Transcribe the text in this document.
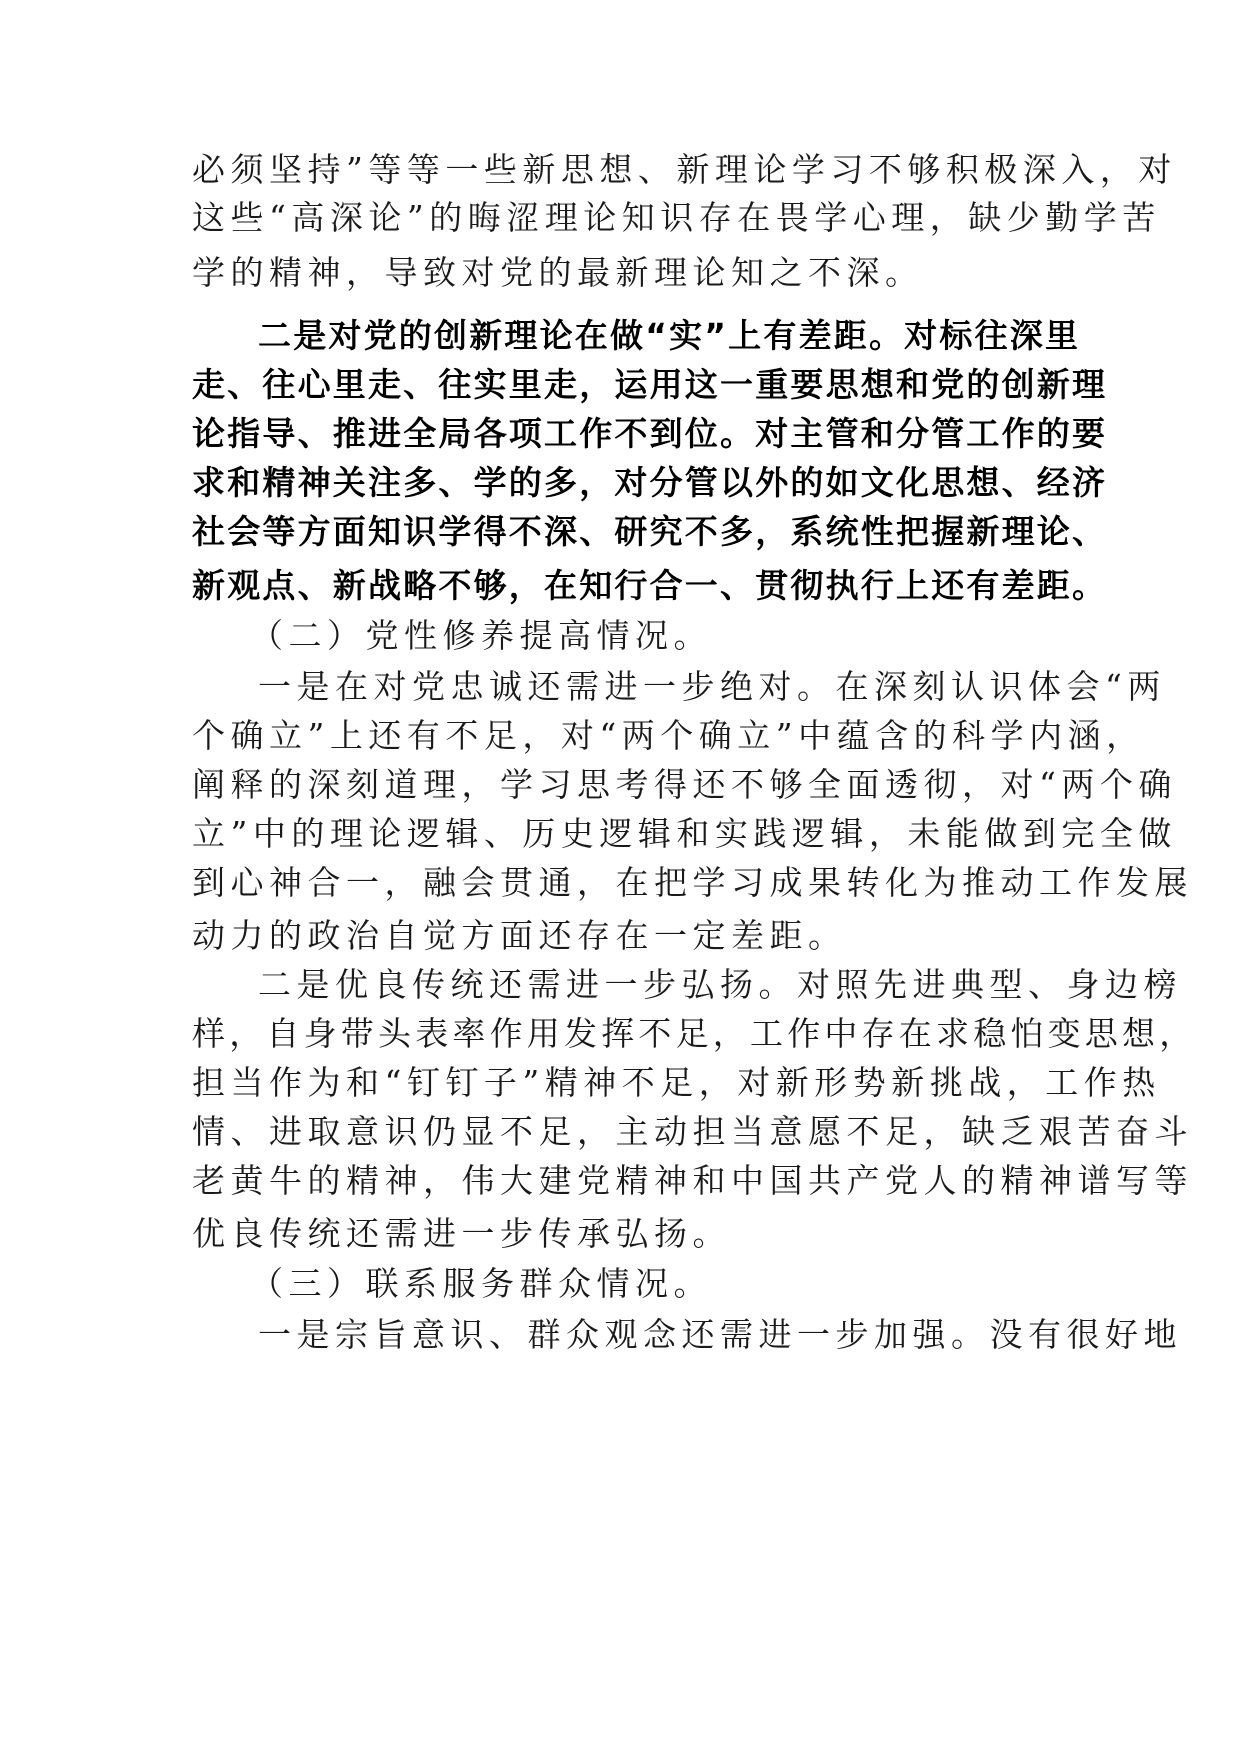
必须坚持”等等一些新思想、新理论学习不够积极深入，对
这些“高深论”的晦涩理论知识存在畏学心理，缺少勤学苦
学的精神，导致对党的最新理论知之不深。
二是对党的创新理论在做“实”上有差距。对标往深里
走、往心里走、往实里走，运用这一重要思想和党的创新理
论指导、推进全局各项工作不到位。对主管和分管工作的要
求和精神关注多、学的多，对分管以外的如文化思想、经济
社会等方面知识学得不深、研究不多，系统性把握新理论、
新观点、新战略不够，在知行合一、贯彻执行上还有差距。
（二）党性修养提高情况。
一是在对党忠诚还需进一步绝对。在深刻认识体会“两
个确立”上还有不足，对“两个确立”中蕴含的科学内涵，
阐释的深刻道理，学习思考得还不够全面透彻，对“两个确
立”中的理论逻辑、历史逻辑和实践逻辑，未能做到完全做
到心神合一，融会贯通，在把学习成果转化为推动工作发展
动力的政治自觉方面还存在一定差距。
二是优良传统还需进一步弘扬。对照先进典型、身边榜
样，自身带头表率作用发挥不足，工作中存在求稳怕变思想，
担当作为和“钉钉子”精神不足，对新形势新挑战，工作热
情、进取意识仍显不足，主动担当意愿不足，缺乏艰苦奋斗
老黄牛的精神，伟大建党精神和中国共产党人的精神谱写等
优良传统还需进一步传承弘扬。
（三）联系服务群众情况。
一是宗旨意识、群众观念还需进一步加强。没有很好地
